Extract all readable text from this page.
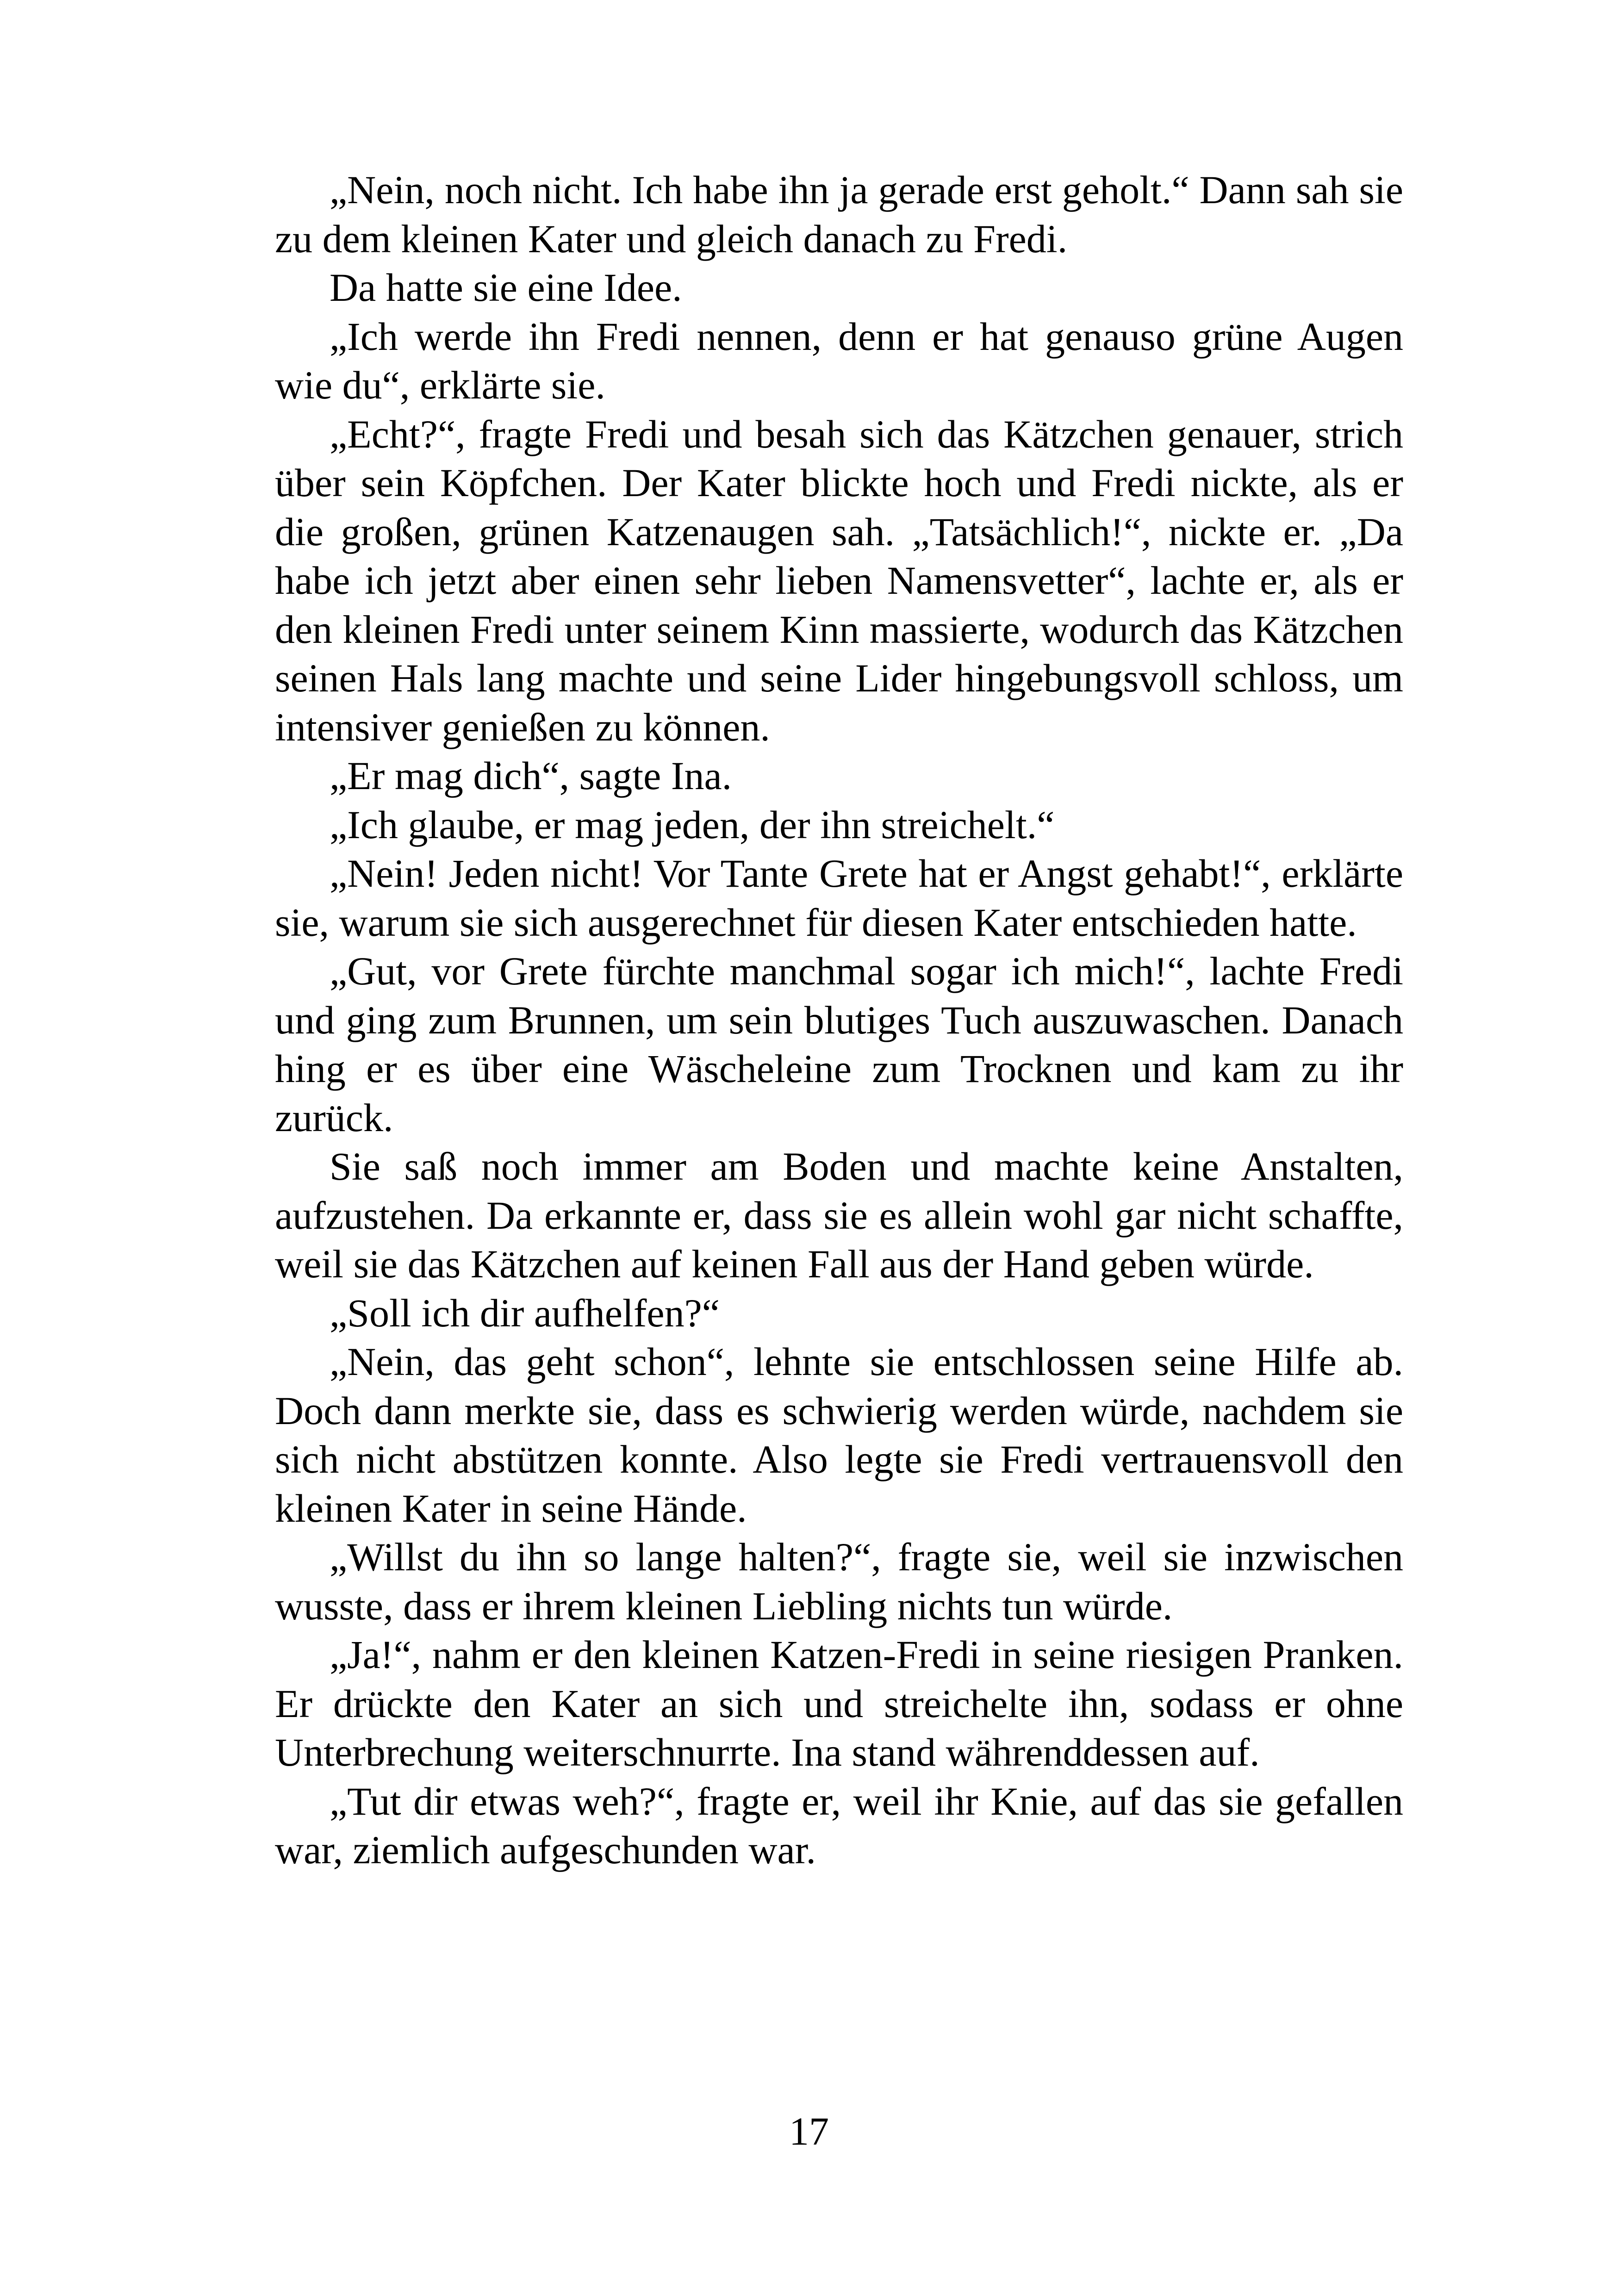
„Nein, noch nicht. Ich habe ihn ja gerade erst geholt.“ Dann sah sie zu dem kleinen Kater und gleich danach zu Fredi.

Da hatte sie eine Idee.

„Ich werde ihn Fredi nennen, denn er hat genauso grüne Augen wie du“, erklärte sie.

„Echt?“, fragte Fredi und besah sich das Kätzchen genauer, strich über sein Köpfchen. Der Kater blickte hoch und Fredi nickte, als er die großen, grünen Katzenaugen sah. „Tatsächlich!“, nickte er. „Da habe ich jetzt aber einen sehr lieben Namensvetter“, lachte er, als er den kleinen Fredi unter seinem Kinn massierte, wodurch das Kätzchen seinen Hals lang machte und seine Lider hingebungsvoll schloss, um intensiver genießen zu können.

„Er mag dich“, sagte Ina.

„Ich glaube, er mag jeden, der ihn streichelt.“

„Nein! Jeden nicht! Vor Tante Grete hat er Angst gehabt!“, erklärte sie, warum sie sich ausgerechnet für diesen Kater entschieden hatte.

„Gut, vor Grete fürchte manchmal sogar ich mich!“, lachte Fredi und ging zum Brunnen, um sein blutiges Tuch auszuwaschen. Danach hing er es über eine Wäscheleine zum Trocknen und kam zu ihr zurück.

Sie saß noch immer am Boden und machte keine Anstalten, aufzustehen. Da erkannte er, dass sie es allein wohl gar nicht schaffte, weil sie das Kätzchen auf keinen Fall aus der Hand geben würde.

„Soll ich dir aufhelfen?“

„Nein, das geht schon“, lehnte sie entschlossen seine Hilfe ab. Doch dann merkte sie, dass es schwierig werden würde, nachdem sie sich nicht abstützen konnte. Also legte sie Fredi vertrauensvoll den kleinen Kater in seine Hände.

„Willst du ihn so lange halten?“, fragte sie, weil sie inzwischen wusste, dass er ihrem kleinen Liebling nichts tun würde.

„Ja!“, nahm er den kleinen Katzen-Fredi in seine riesigen Pranken. Er drückte den Kater an sich und streichelte ihn, sodass er ohne Unterbrechung weiterschnurrte. Ina stand währenddessen auf.

„Tut dir etwas weh?“, fragte er, weil ihr Knie, auf das sie gefallen war, ziemlich aufgeschunden war.

17
